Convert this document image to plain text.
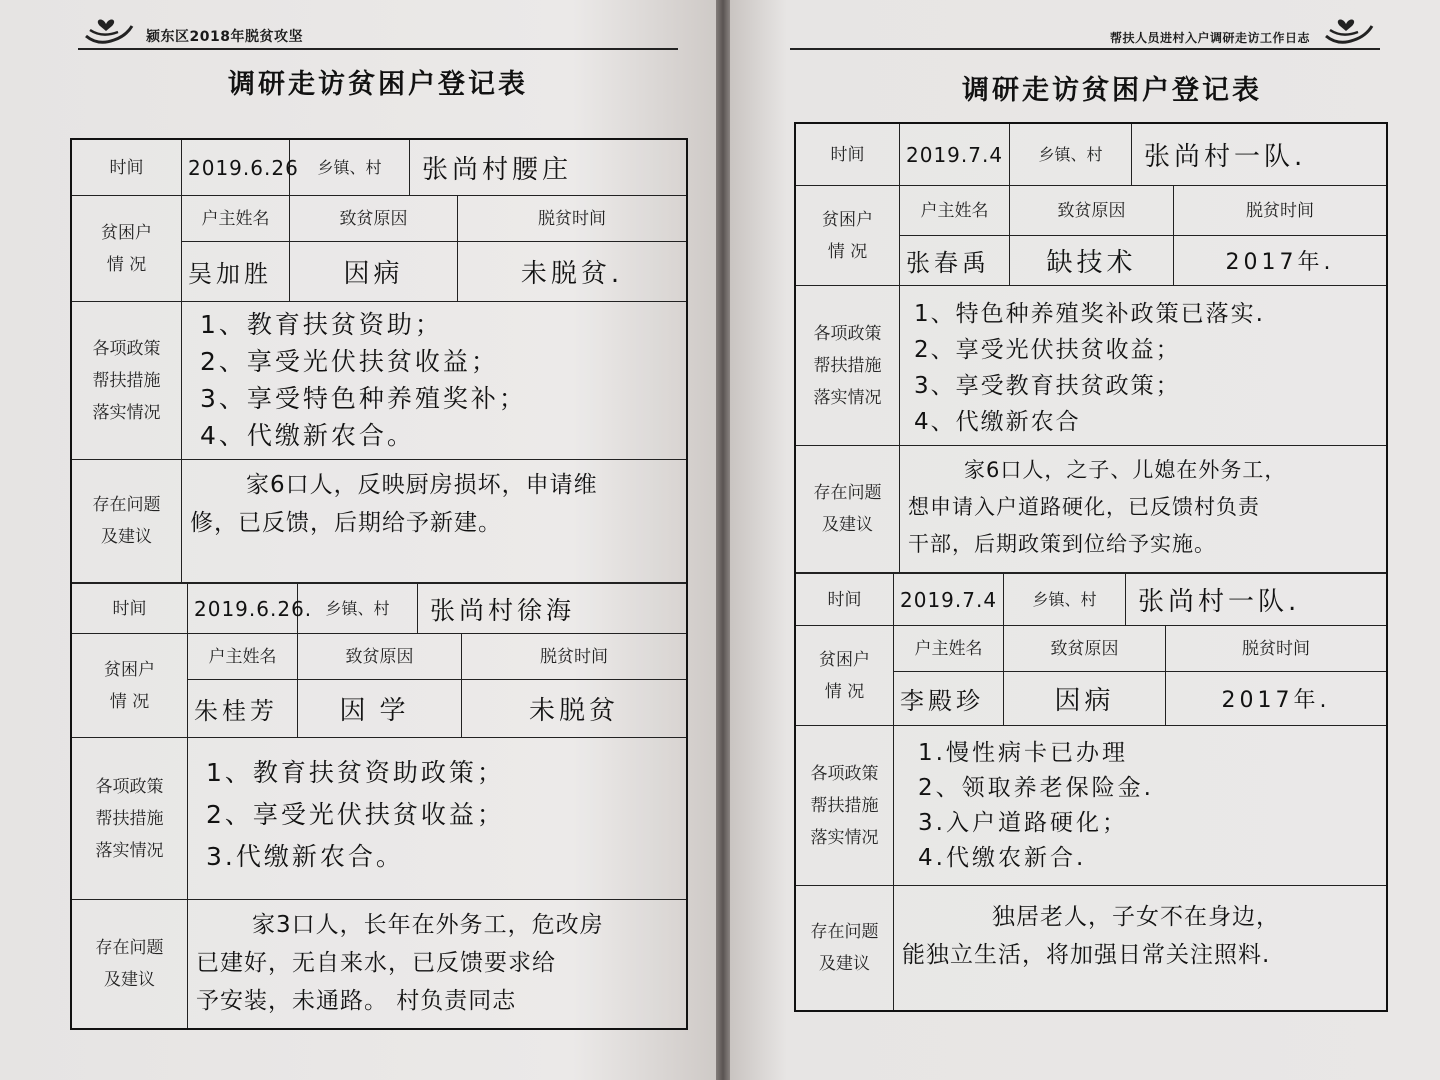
颍东区2018年脱贫攻坚
调研走访贫困户登记表
时间	2019.6.26	乡镇、村	张尚村腰庄
贫困户
情 况
户主姓名	致贫原因	脱贫时间
吴加胜	因病	未脱贫.
各项政策
帮扶措施
落实情况
1、教育扶贫资助；
2、享受光伏扶贫收益；
3、享受特色种养殖奖补；
4、代缴新农合。
存在问题
及建议
家6口人，反映厨房损坏，申请维
修，已反馈，后期给予新建。
时间	2019.6.26. 乡镇、村	张尚村徐海
贫困户
情 况
户主姓名	致贫原因	脱贫时间
朱桂芳	因学	未脱贫
各项政策
帮扶措施
落实情况
1、教育扶贫资助政策；
2、享受光伏扶贫收益；
3.代缴新农合。
存在问题
及建议
家3口人，长年在外务工，危改房
已建好，无自来水，已反馈要求给
予安装，未通路。 村负责同志
帮扶人员进村入户调研走访工作日志
调研走访贫困户登记表
时间	2019.7.4	乡镇、村	张尚村一队.
贫困户
情 况
户主姓名	致贫原因	脱贫时间
张春禹	缺技术	2017年.
各项政策
帮扶措施
落实情况
1、特色种养殖奖补政策已落实.
2、享受光伏扶贫收益；
3、享受教育扶贫政策；
4、代缴新农合
存在问题
及建议
家6口人，之子、儿媳在外务工，
想申请入户道路硬化，已反馈村负责
干部，后期政策到位给予实施。
时间	2019.7.4	乡镇、村	张尚村一队.
贫困户
情 况
户主姓名	致贫原因	脱贫时间
李殿珍	因病	2017年.
各项政策
帮扶措施
落实情况
1.慢性病卡已办理
2、领取养老保险金.
3.入户道路硬化；
4.代缴农新合.
存在问题
及建议
独居老人，子女不在身边，
能独立生活，将加强日常关注照料.
